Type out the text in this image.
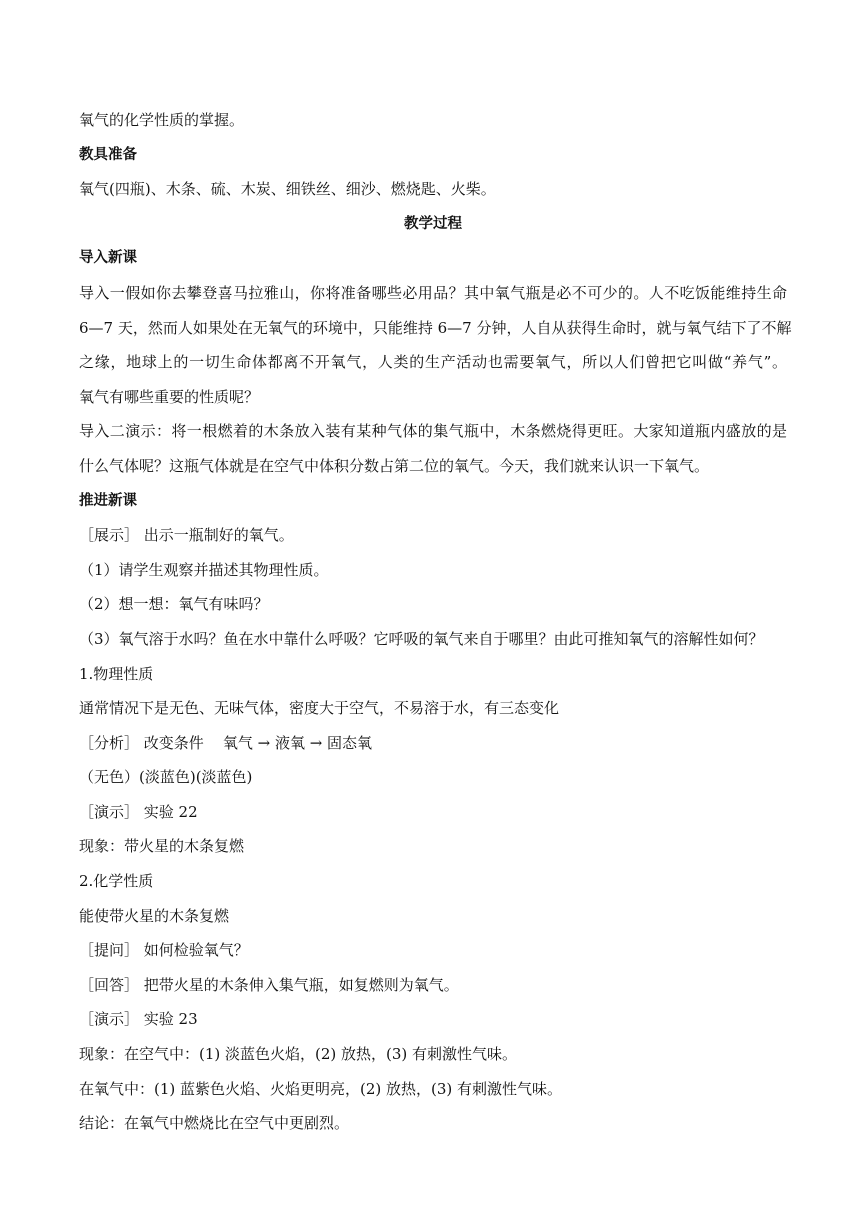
氧气的化学性质的掌握。
教具准备
氧气(四瓶)、木条、硫、木炭、细铁丝、细沙、燃烧匙、火柴。
教学过程
导入新课
导入一假如你去攀登喜马拉雅山，你将准备哪些必用品？其中氧气瓶是必不可少的。人不吃饭能维持生命
6—7 天，然而人如果处在无氧气的环境中，只能维持 6—7 分钟，人自从获得生命时，就与氧气结下了不解
之缘，地球上的一切生命体都离不开氧气，人类的生产活动也需要氧气，所以人们曾把它叫做“养气”。
氧气有哪些重要的性质呢？
导入二演示：将一根燃着的木条放入装有某种气体的集气瓶中，木条燃烧得更旺。大家知道瓶内盛放的是
什么气体呢？这瓶气体就是在空气中体积分数占第二位的氧气。今天，我们就来认识一下氧气。
推进新课
［展示］ 出示一瓶制好的氧气。
（1）请学生观察并描述其物理性质。
（2）想一想：氧气有味吗？
（3）氧气溶于水吗？鱼在水中靠什么呼吸？它呼吸的氧气来自于哪里？由此可推知氧气的溶解性如何？
1.物理性质
通常情况下是无色、无味气体，密度大于空气，不易溶于水，有三态变化
［分析］ 改变条件    氧气 → 液氧 → 固态氧
（无色）(淡蓝色)(淡蓝色)
［演示］ 实验 22
现象：带火星的木条复燃
2.化学性质
能使带火星的木条复燃
［提问］ 如何检验氧气？
［回答］ 把带火星的木条伸入集气瓶，如复燃则为氧气。
［演示］ 实验 23
现象：在空气中：(1) 淡蓝色火焰，(2) 放热，(3) 有刺激性气味。
在氧气中：(1) 蓝紫色火焰、火焰更明亮，(2) 放热，(3) 有刺激性气味。
结论：在氧气中燃烧比在空气中更剧烈。
